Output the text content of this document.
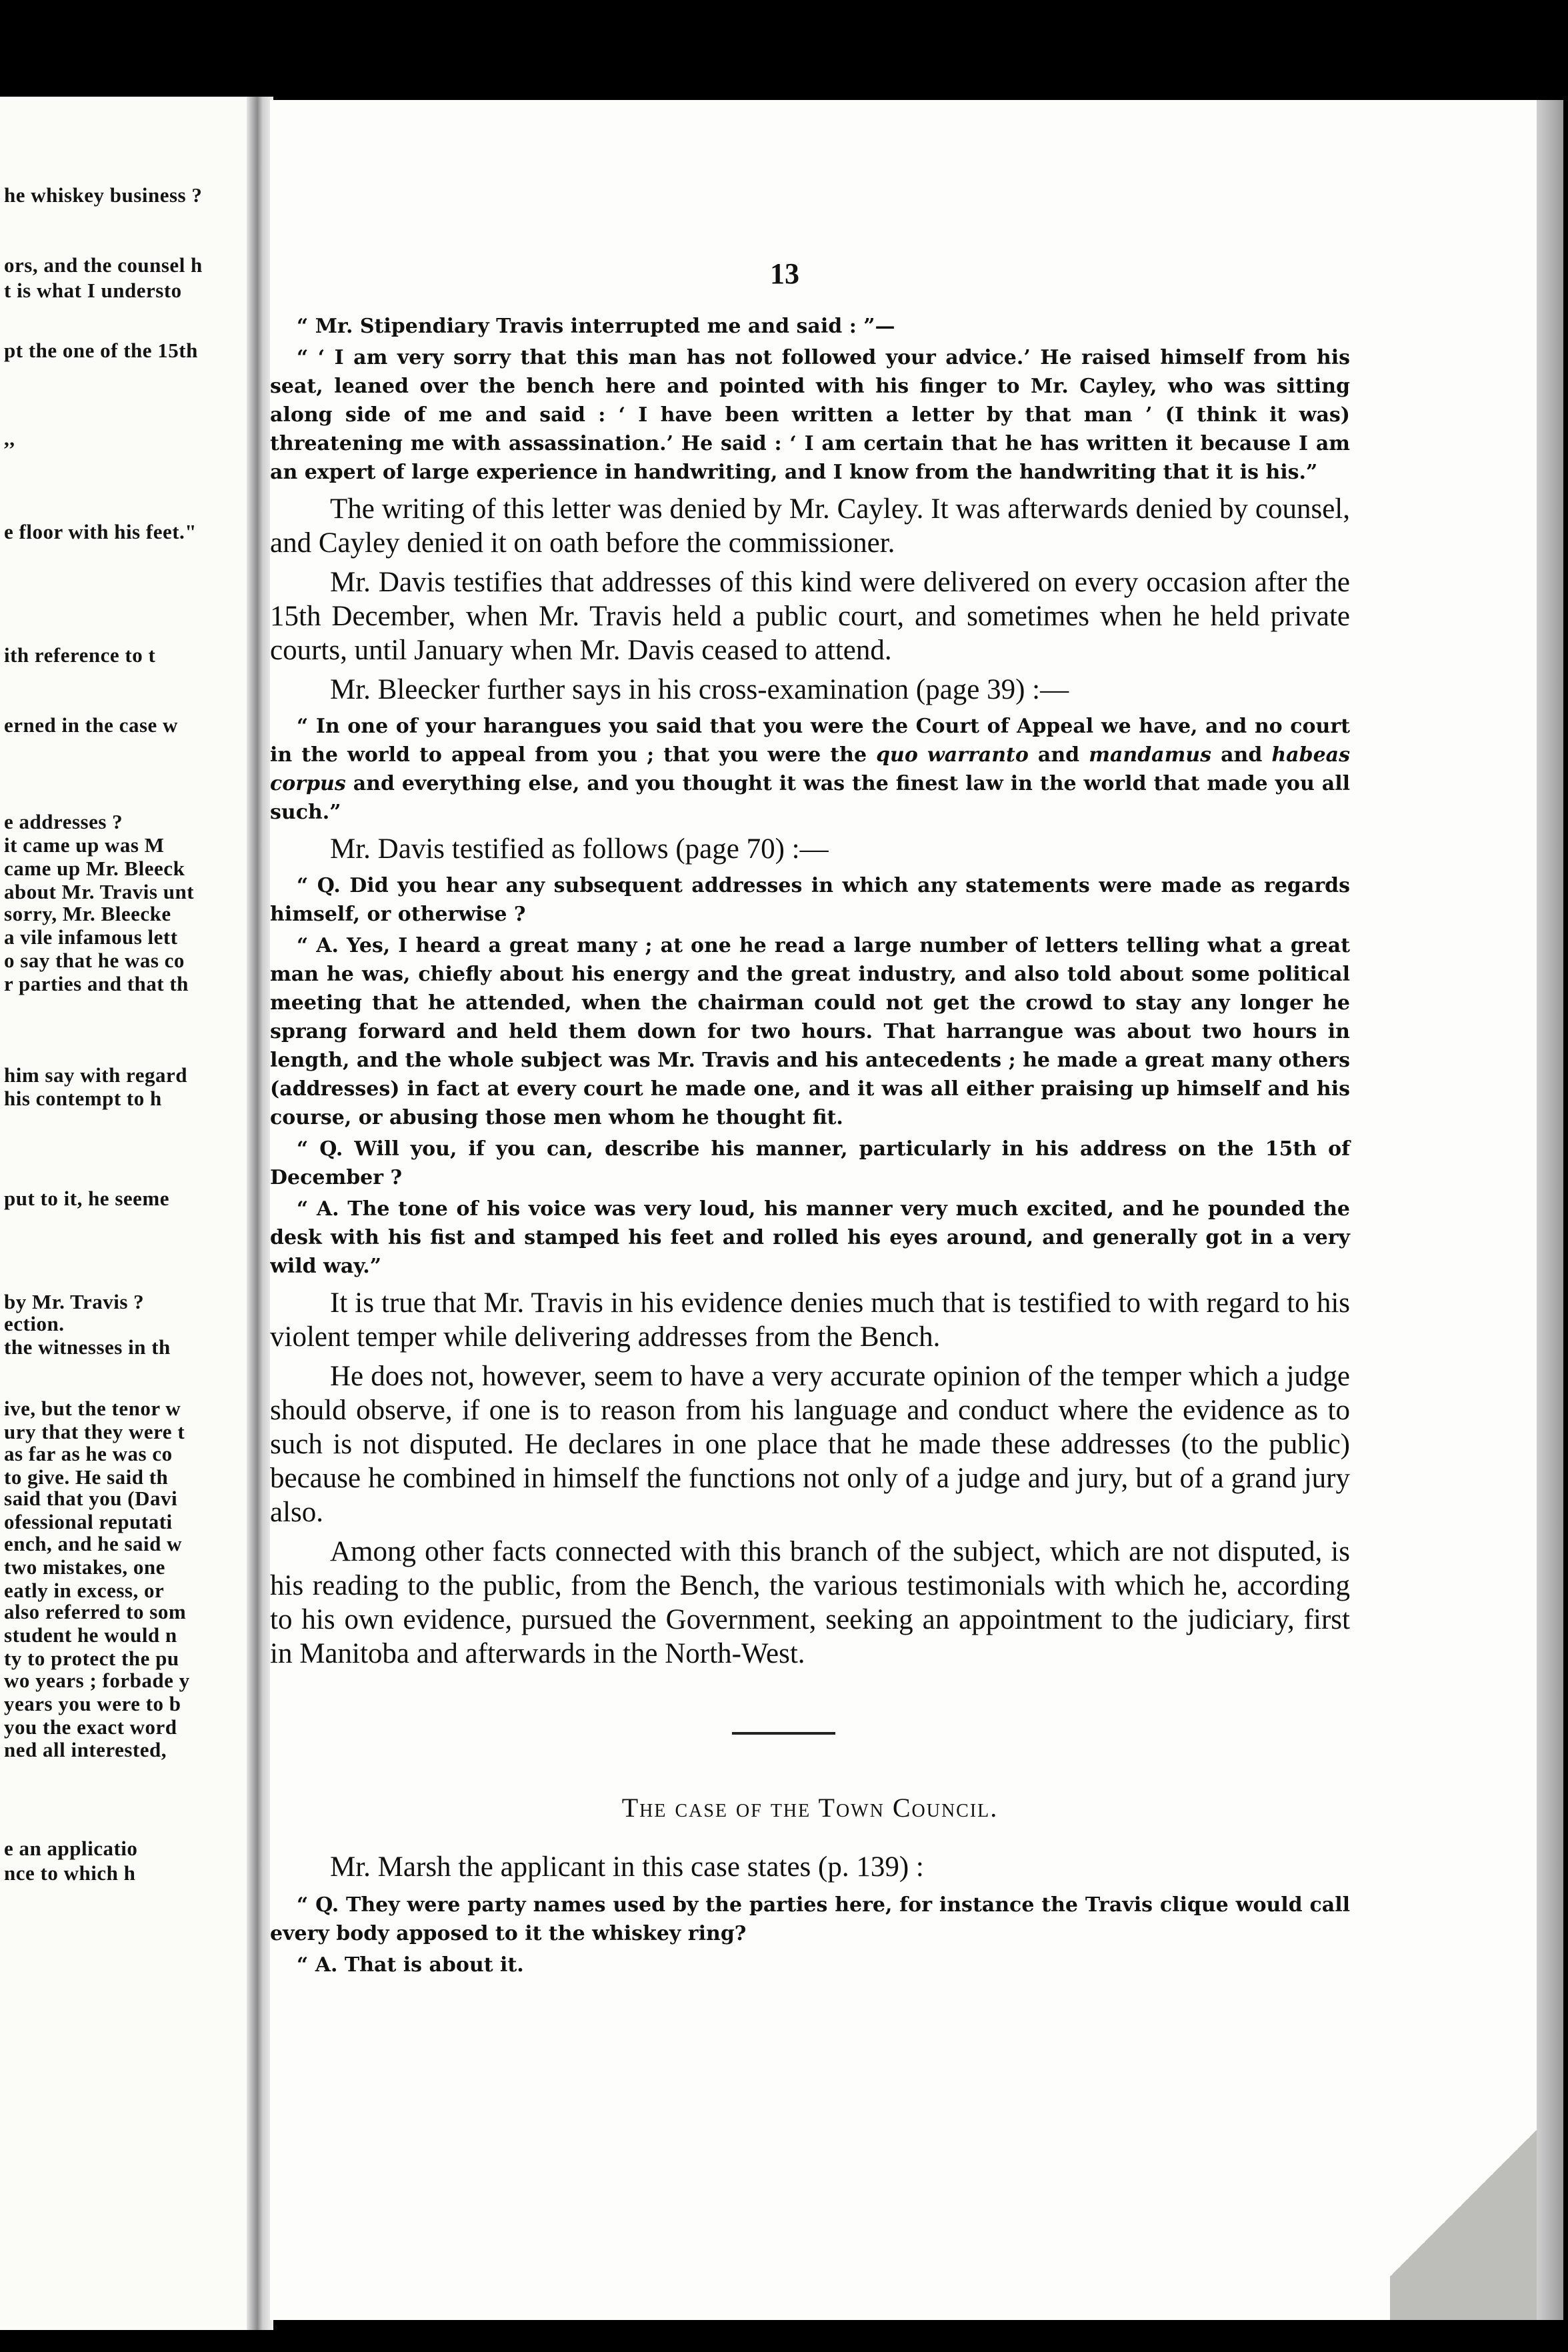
he whiskey business ?
ors, and the counsel h
t is what I understo
pt the one of the 15th
,,
e floor with his feet."
ith reference to t
erned in the case w
e addresses ?
it came up was M
came up Mr. Bleeck
about Mr. Travis unt
sorry, Mr. Bleecke
a vile infamous lett
o say that he was co
r parties and that th
him say with regard
his contempt to h
put to it, he seeme
by Mr. Travis ?
ection.
the witnesses in th
ive, but the tenor w
ury that they were t
as far as he was co
to give. He said th
said that you (Davi
ofessional reputati
ench, and he said w
two mistakes, one
eatly in excess, or
also referred to som
student he would n
ty to protect the pu
wo years ; forbade y
years you were to b
you the exact word
ned all interested,
e an applicatio
nce to which h
13

“ Mr. Stipendiary Travis interrupted me and said : ”—

“ ‘ I am very sorry that this man has not followed your advice.’ He raised himself from his seat, leaned over the bench here and pointed with his finger to Mr. Cayley, who was sitting along side of me and said : ‘ I have been written a letter by that man ’ (I think it was) threatening me with assassination.’ He said : ‘ I am certain that he has written it because I am an expert of large experience in handwriting, and I know from the handwriting that it is his.”

The writing of this letter was denied by Mr. Cayley. It was afterwards denied by counsel, and Cayley denied it on oath before the commissioner.

Mr. Davis testifies that addresses of this kind were delivered on every occasion after the 15th December, when Mr. Travis held a public court, and sometimes when he held private courts, until January when Mr. Davis ceased to attend.

Mr. Bleecker further says in his cross-examination (page 39) :—

“ In one of your harangues you said that you were the Court of Appeal we have, and no court in the world to appeal from you ; that you were the quo warranto and mandamus and habeas corpus and everything else, and you thought it was the finest law in the world that made you all such.”

Mr. Davis testified as follows (page 70) :—

“ Q. Did you hear any subsequent addresses in which any statements were made as regards himself, or otherwise ?

“ A. Yes, I heard a great many ; at one he read a large number of letters telling what a great man he was, chiefly about his energy and the great industry, and also told about some political meeting that he attended, when the chairman could not get the crowd to stay any longer he sprang forward and held them down for two hours. That harrangue was about two hours in length, and the whole subject was Mr. Travis and his antecedents ; he made a great many others (addresses) in fact at every court he made one, and it was all either praising up himself and his course, or abusing those men whom he thought fit.

“ Q. Will you, if you can, describe his manner, particularly in his address on the 15th of December ?

“ A. The tone of his voice was very loud, his manner very much excited, and he pounded the desk with his fist and stamped his feet and rolled his eyes around, and generally got in a very wild way.”

It is true that Mr. Travis in his evidence denies much that is testified to with regard to his violent temper while delivering addresses from the Bench.

He does not, however, seem to have a very accurate opinion of the temper which a judge should observe, if one is to reason from his language and conduct where the evidence as to such is not disputed. He declares in one place that he made these addresses (to the public) because he combined in himself the functions not only of a judge and jury, but of a grand jury also.

Among other facts connected with this branch of the subject, which are not disputed, is his reading to the public, from the Bench, the various testimonials with which he, according to his own evidence, pursued the Government, seeking an appointment to the judiciary, first in Manitoba and afterwards in the North-West.

The case of the Town Council.

Mr. Marsh the applicant in this case states (p. 139) :

“ Q. They were party names used by the parties here, for instance the Travis clique would call every body apposed to it the whiskey ring?

“ A. That is about it.
